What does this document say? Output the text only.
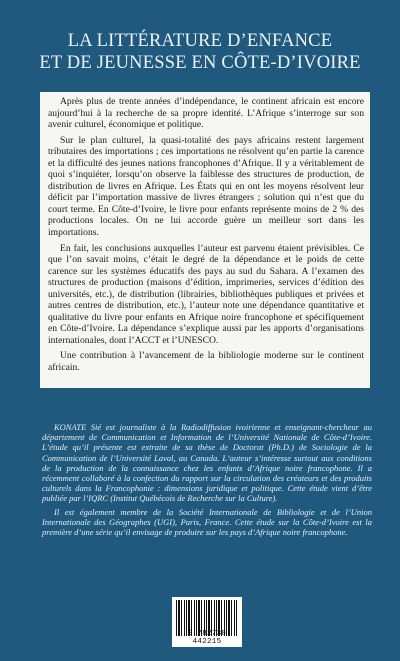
LA LITTÉRATURE D’ENFANCE
ET DE JEUNESSE EN CÔTE-D’IVOIRE

Après plus de trente années d’indépendance, le continent africain est encore aujourd’hui à la recherche de sa propre identité. L’Afrique s’interroge sur son avenir culturel, économique et politique.

Sur le plan culturel, la quasi-totalité des pays africains restent largement tributaires des importations ; ces importations ne résolvent qu’en partie la carence et la difficulté des jeunes nations francophones d’Afrique. Il y a véritablement de quoi s’inquiéter, lorsqu’on observe la faiblesse des structures de production, de distribution de livres en Afrique. Les États qui en ont les moyens résolvent leur déficit par l’importation massive de livres étrangers ; solution qui n’est que du court terme. En Côte-d’Ivoire, le livre pour enfants représente moins de 2 % des productions locales. On ne lui accorde guère un meilleur sort dans les importations.

En fait, les conclusions auxquelles l’auteur est parvenu étaient prévisibles. Ce que l’on savait moins, c’était le degré de la dépendance et le poids de cette carence sur les systèmes éducatifs des pays au sud du Sahara. A l’examen des structures de production (maisons d’édition, imprimeries, services d’édition des universités, etc.), de distribution (librairies, bibliothèques publiques et privées et autres centres de distribution, etc.), l’auteur note une dépendance quantitative et qualitative du livre pour enfants en Afrique noire francophone et spécifiquement en Côte-d’Ivoire. La dépendance s’explique aussi par les apports d’organisations internationales, dont l’ACCT et l’UNESCO.

Une contribution à l’avancement de la bibliologie moderne sur le continent africain.

KONATE Sié est journaliste à la Radiodiffusion ivoirienne et enseignant-chercheur au département de Communication et Information de l’Université Nationale de Côte-d’Ivoire. L’étude qu’il présente est extraite de sa thèse de Doctorat (Ph.D.) de Sociologie de la Communication de l’Université Laval, au Canada. L’auteur s’intéresse surtout aux conditions de la production de la connaissance chez les enfants d’Afrique noire francophone. Il a récemment collaboré à la confection du rapport sur la circulation des créateurs et des produits culturels dans la Francophonie : dimensions juridique et politique. Cette étude vient d’être publiée par l’IQRC (Institut Québécois de Recherche sur la Culture).

Il est également membre de la Société Internationale de Bibliologie et de l’Union Internationale des Géographes (UGI), Paris, France. Cette étude sur la Côte-d’Ivoire est la première d’une série qu’il envisage de produire sur les pays d’Afrique noire francophone.

9 782738 442215
